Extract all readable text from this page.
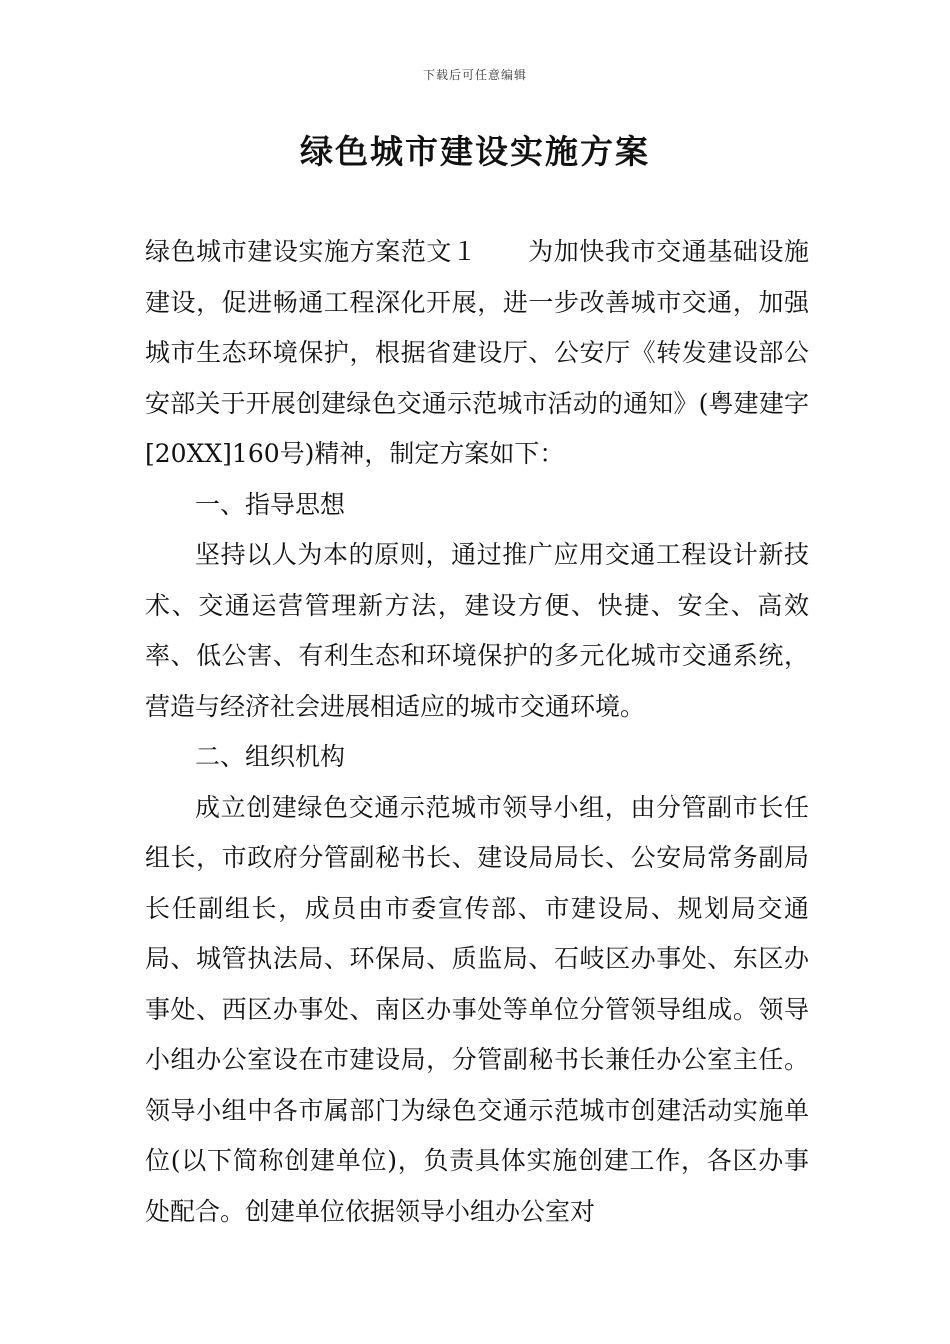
下载后可任意编辑
绿色城市建设实施方案

绿色城市建设实施方案范文１ 为加快我市交通基础设施建设，促进畅通工程深化开展，进一步改善城市交通，加强城市生态环境保护，根据省建设厅、公安厅《转发建设部公安部关于开展创建绿色交通示范城市活动的通知》(粤建建字[20XX]160号)精神，制定方案如下：

一、指导思想

坚持以人为本的原则，通过推广应用交通工程设计新技术、交通运营管理新方法，建设方便、快捷、安全、高效率、低公害、有利生态和环境保护的多元化城市交通系统，营造与经济社会进展相适应的城市交通环境。

二、组织机构

成立创建绿色交通示范城市领导小组，由分管副市长任组长，市政府分管副秘书长、建设局局长、公安局常务副局长任副组长，成员由市委宣传部、市建设局、规划局交通局、城管执法局、环保局、质监局、石岐区办事处、东区办事处、西区办事处、南区办事处等单位分管领导组成。领导小组办公室设在市建设局，分管副秘书长兼任办公室主任。领导小组中各市属部门为绿色交通示范城市创建活动实施单位(以下简称创建单位)，负责具体实施创建工作，各区办事处配合。创建单位依据领导小组办公室对
